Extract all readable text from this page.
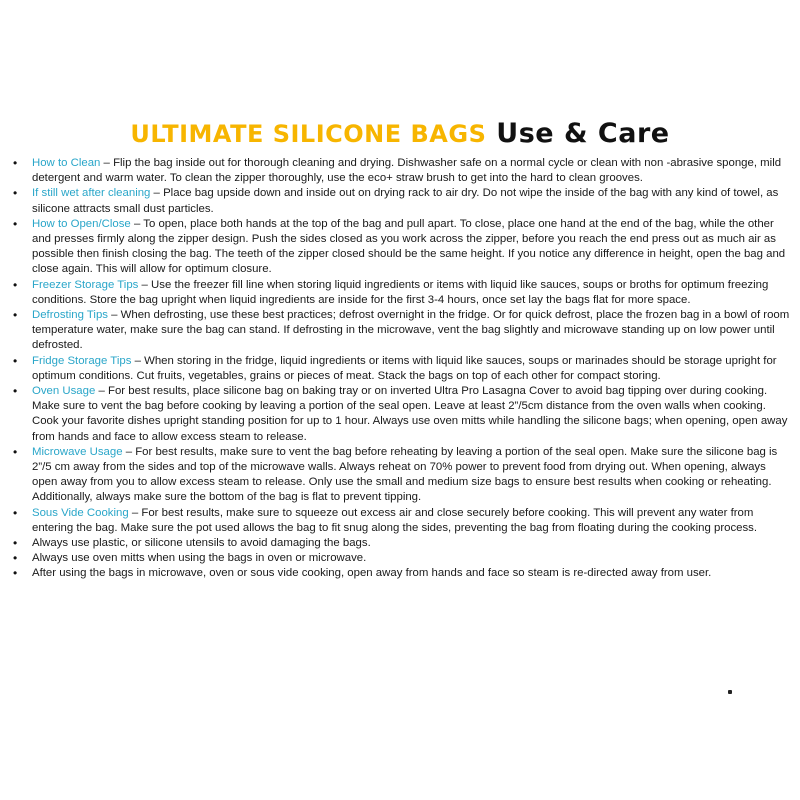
ULTIMATE SILICONE BAGS Use & Care
• How to Clean – Flip the bag inside out for thorough cleaning and drying. Dishwasher safe on a normal cycle or clean with non -abrasive sponge, mild detergent and warm water. To clean the zipper thoroughly, use the eco+ straw brush to get into the hard to clean grooves.
• If still wet after cleaning – Place bag upside down and inside out on drying rack to air dry. Do not wipe the inside of the bag with any kind of towel, as silicone attracts small dust particles.
• How to Open/Close – To open, place both hands at the top of the bag and pull apart. To close, place one hand at the end of the bag, while the other and presses firmly along the zipper design. Push the sides closed as you work across the zipper, before you reach the end press out as much air as possible then finish closing the bag. The teeth of the zipper closed should be the same height. If you notice any difference in height, open the bag and close again. This will allow for optimum closure.
• Freezer Storage Tips – Use the freezer fill line when storing liquid ingredients or items with liquid like sauces, soups or broths for optimum freezing conditions. Store the bag upright when liquid ingredients are inside for the first 3-4 hours, once set lay the bags flat for more space.
• Defrosting Tips – When defrosting, use these best practices; defrost overnight in the fridge. Or for quick defrost, place the frozen bag in a bowl of room temperature water, make sure the bag can stand. If defrosting in the microwave, vent the bag slightly and microwave standing up on low power until defrosted.
• Fridge Storage Tips – When storing in the fridge, liquid ingredients or items with liquid like sauces, soups or marinades should be storage upright for optimum conditions. Cut fruits, vegetables, grains or pieces of meat. Stack the bags on top of each other for compact storing.
• Oven Usage – For best results, place silicone bag on baking tray or on inverted Ultra Pro Lasagna Cover to avoid bag tipping over during cooking. Make sure to vent the bag before cooking by leaving a portion of the seal open. Leave at least 2”/5cm distance from the oven walls when cooking. Cook your favorite dishes upright standing position for up to 1 hour. Always use oven mitts while handling the silicone bags; when opening, open away from hands and face to allow excess steam to release.
• Microwave Usage – For best results, make sure to vent the bag before reheating by leaving a portion of the seal open. Make sure the silicone bag is 2”/5 cm away from the sides and top of the microwave walls. Always reheat on 70% power to prevent food from drying out. When opening, always open away from you to allow excess steam to release. Only use the small and medium size bags to ensure best results when cooking or reheating. Additionally, always make sure the bottom of the bag is flat to prevent tipping.
• Sous Vide Cooking – For best results, make sure to squeeze out excess air and close securely before cooking. This will prevent any water from entering the bag. Make sure the pot used allows the bag to fit snug along the sides, preventing the bag from floating during the cooking process.
• Always use plastic, or silicone utensils to avoid damaging the bags.
• Always use oven mitts when using the bags in oven or microwave.
• After using the bags in microwave, oven or sous vide cooking, open away from hands and face so steam is re-directed away from user.
